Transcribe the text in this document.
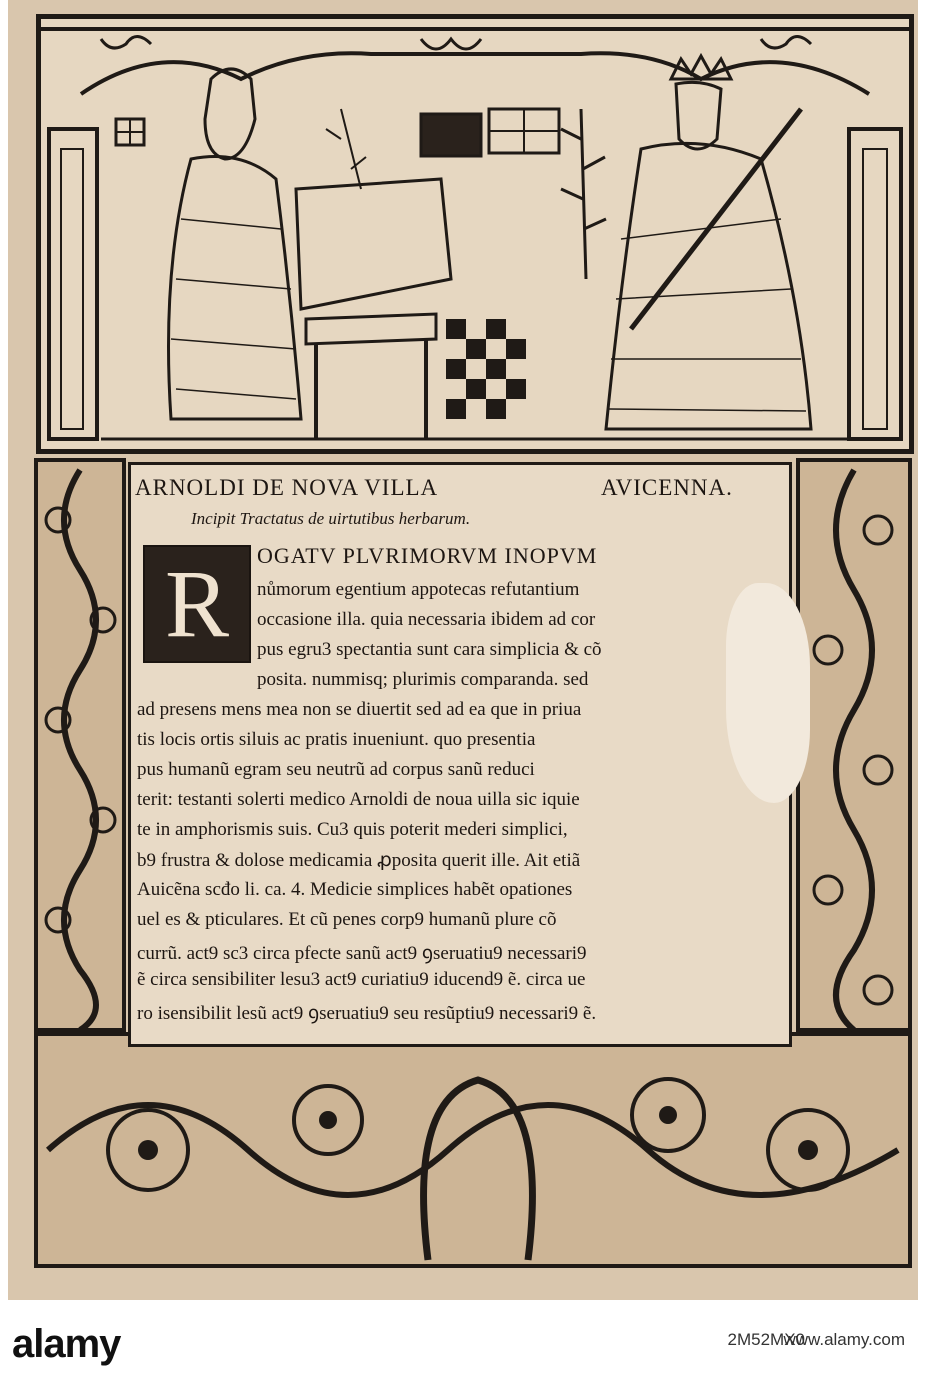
ARNOLDI DE NOVA VILLA	AVICENNA.
Incipit Tractatus de uirtutibus herbarum.
R	OGATV PLVRIMORVM INOPVM
nůmorum egentium appotecas refutantium
occasione illa. quia necessaria ibidem ad cor
pus egru3 spectantia sunt cara simplicia & cõ
posita. nummisq; plurimis comparanda. sed
ad presens mens mea non se diuertit sed ad ea que in priua
tis locis ortis siluis ac pratis inueniunt. quo presentia
pus humanũ egram seu neutrũ ad corpus sanũ reduci
terit: testanti solerti medico Arnoldi de noua uilla sic iquie
te in amphorismis suis. Cu3 quis poterit mederi simplici,
b9 frustra & dolose medicamia ꝓposita querit ille. Ait etiã
Auicẽna scđo li. ca. 4. Medicie simplices habẽt opationes
uel es & pticulares. Et cũ penes corp9 humanũ plure cõ
currũ. act9 sc3 circa pfecte sanũ act9 ꝯseruatiu9 necessari9
ẽ circa sensibiliter lesu3 act9 curiatiu9 iducend9 ẽ. circa ue
ro isensibilit lesũ act9 ꝯseruatiu9 seu resũptiu9 necessari9 ẽ.
alamy	2M52MX0
www.alamy.com
